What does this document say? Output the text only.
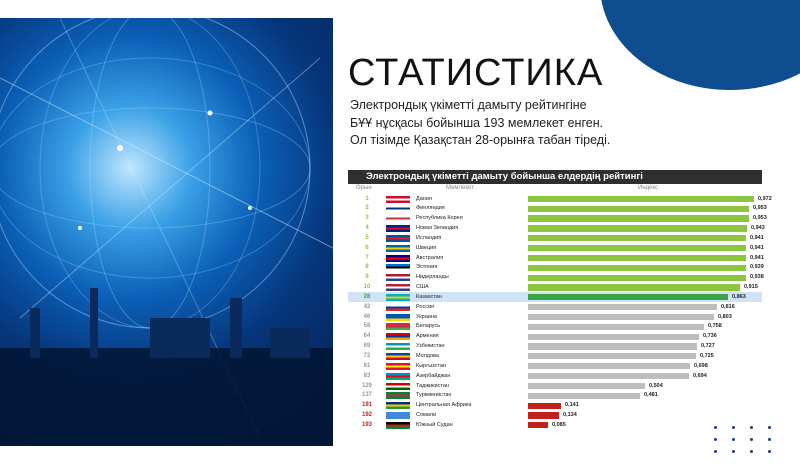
СТАТИСТИКА
Электрондық үкіметті дамыту рейтингіне
БҰҰ нұсқасы бойынша 193 мемлекет енген.
Ол тізімде Қазақстан 28-орынға табан тіреді.
Электрондық үкіметті дамыту бойынша елдердің рейтингі
Орын	Мемлекет	Индекс
1	Дания	0,972
2	Финляндия	0,953
3	Республика Корея	0,953
4	Новая Зеландия	0,943
5	Исландия	0,941
6	Швеция	0,941
7	Австралия	0,941
8	Эстония	0,939
9	Нидерланды	0,938
10	США	0,915
28	Казахстан	0,863
42	Россия	0,816
46	Украина	0,803
58	Беларусь	0,758
64	Армения	0,736
69	Узбекистан	0,727
72	Молдова	0,725
81	Кыргызстан	0,698
83	Азербайджан	0,694
129	Таджикистан	0,504
137	Туркменистан	0,481
191	Центральная Африка	0,141
192	Сомали	0,134
193	Южный Судан	0,085
